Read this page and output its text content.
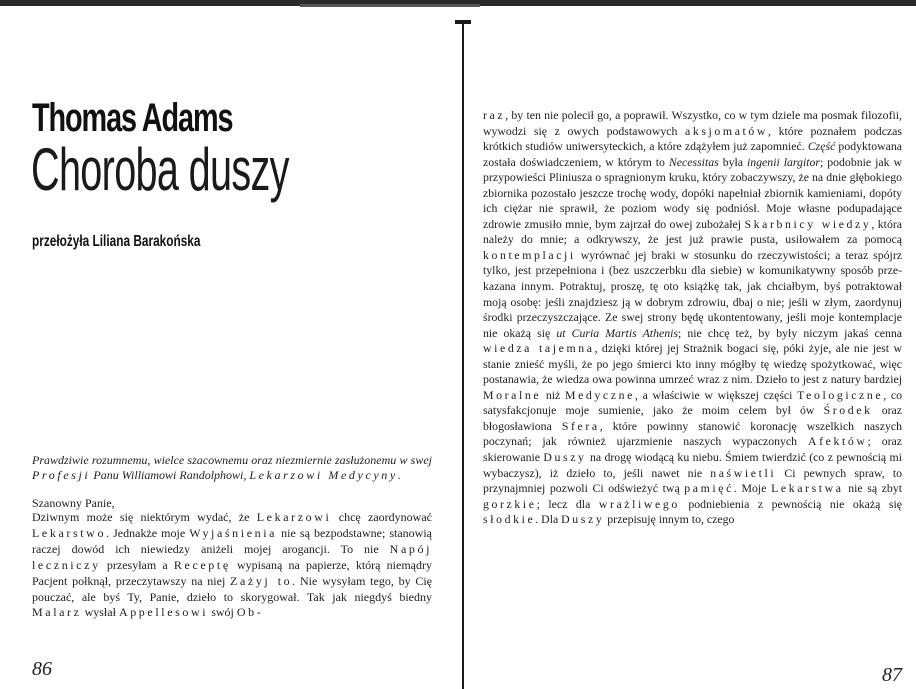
Thomas Adams
Choroba duszy

przełożyła Liliana Barakońska

Prawdziwie rozumnemu, wielce szacownemu oraz niezmiernie zasłużonemu w swej Profesji Panu Williamowi Randolphowi, Lekarzowi Medycyny.

Szanowny Panie,

Dziwnym może się niektórym wydać, że Lekarzowi chcę zaordynować Lekarstwo. Jednakże moje Wyjaśnienia nie są bezpodstawne; stanowią raczej dowód ich niewiedzy aniżeli mojej arogancji. To nie Napój leczniczy przesyłam a Receptę wypisaną na papierze, którą niemądry Pacjent połknął, przeczytawszy na niej Zażyj to. Nie wysyłam tego, by Cię pouczać, ale byś Ty, Panie, dzieło to skorygował. Tak jak niegdyś biedny Malarz wysłał Appellesowi swój Ob-

86

raz, by ten nie polecił go, a poprawił. Wszystko, co w tym dziele ma posmak filozofii, wywodzi się z owych podstawowych aksjomatów, które poznałem podczas krótkich studiów uniwersyteckich, a które zdążyłem już zapomnieć. Część podyktowana została doświadczeniem, w którym to Necessitas była ingenii largitor; podobnie jak w przypowieści Pliniusza o spragnionym kruku, który zobaczywszy, że na dnie głębokiego zbiornika pozostało jeszcze trochę wody, dopóki napełniał zbiornik kamieniami, dopóty ich ciężar nie sprawił, że poziom wody się podniósł. Moje własne podupadające zdrowie zmusiło mnie, bym zajrzał do owej zubożałej Skarbnicy wiedzy, która należy do mnie; a odkrywszy, że jest już prawie pusta, usiłowałem za pomocą kontemplacji wyrównać jej braki w stosunku do rzeczywistości; a teraz spójrz tylko, jest przepełniona i (bez uszczerbku dla siebie) w komunikatywny sposób przekazana innym. Potraktuj, proszę, tę oto książkę tak, jak chciałbym, byś potraktował moją osobę: jeśli znajdziesz ją w dobrym zdrowiu, dbaj o nie; jeśli w złym, zaordynuj środki przeczyszczające. Ze swej strony będę ukontentowany, jeśli moje kontemplacje nie okażą się ut Curia Martis Athenis; nie chcę też, by były niczym jakaś cenna wiedza tajemna, dzięki której jej Strażnik bogaci się, póki żyje, ale nie jest w stanie znieść myśli, że po jego śmierci kto inny mógłby tę wiedzę spożytkować, więc postanawia, że wiedza owa powinna umrzeć wraz z nim. Dzieło to jest z natury bardziej Moralne niż Medyczne, a właściwie w większej części Teologiczne, co satysfakcjonuje moje sumienie, jako że moim celem był ów Środek oraz błogosławiona Sfera, które powinny stanowić koronację wszelkich naszych poczynań; jak również ujarzmienie naszych wypaczonych Afektów; oraz skierowanie Duszy na drogę wiodącą ku niebu. Śmiem twierdzić (co z pewnością mi wybaczysz), iż dzieło to, jeśli nawet nie naświetli Ci pewnych spraw, to przynajmniej pozwoli Ci odświeżyć twą pamięć. Moje Lekarstwa nie są zbyt gorzkie; lecz dla wrażliwego podniebienia z pewnością nie okażą się słodkie. Dla Duszy przepisuję innym to, czego

87
